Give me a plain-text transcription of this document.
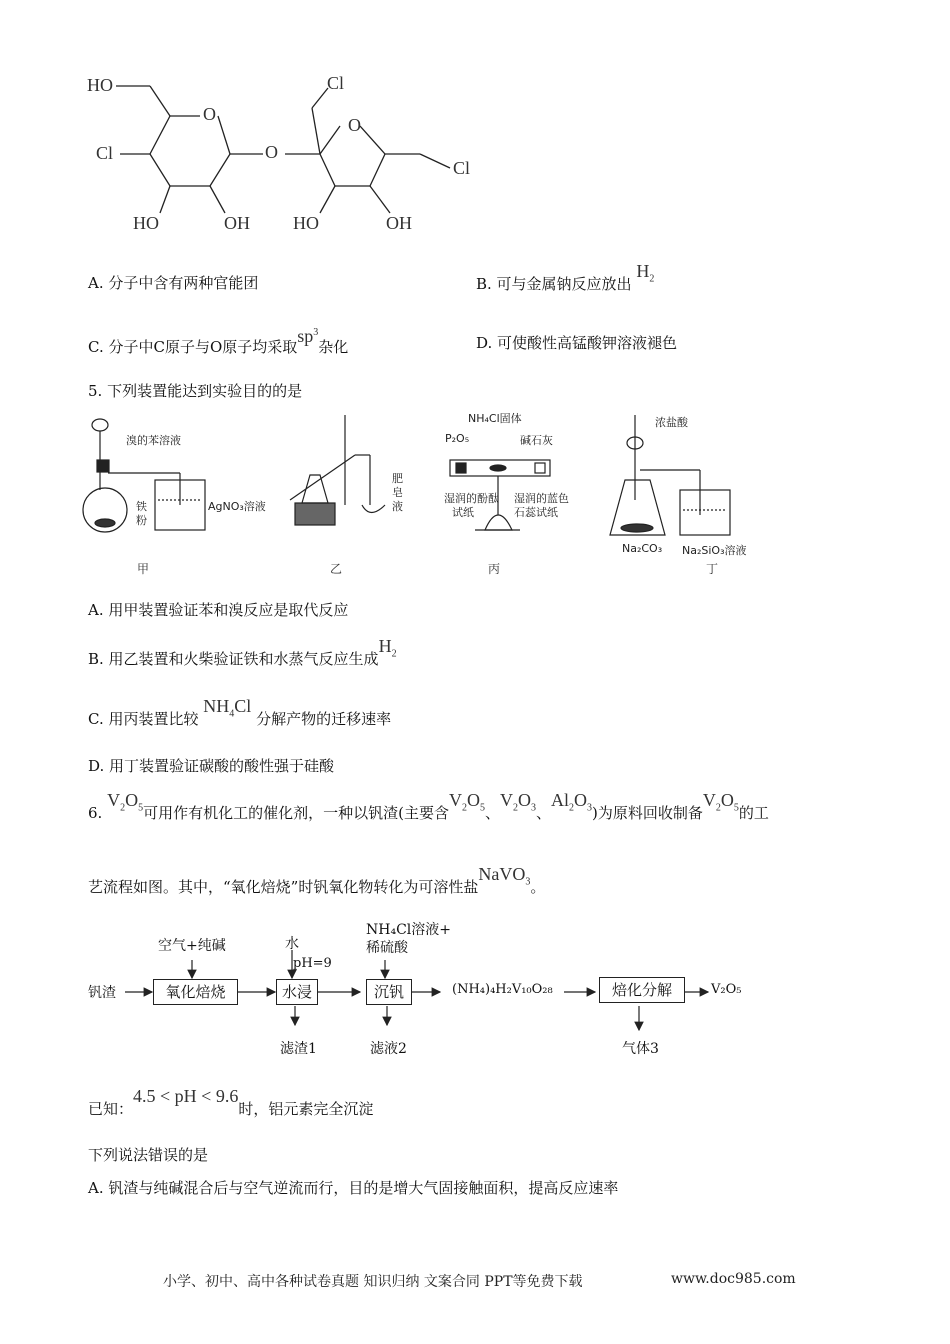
HO
O
Cl	O
Cl
O
Cl
HO	OH HO	OH
A. 分子中含有两种官能团	B. 可与金属钠反应放出 $H_2$
C. 分子中C原子与O原子均采取$sp^3$杂化	D. 可使酸性高锰酸钾溶液褪色
5. 下列装置能达到实验目的的是
溴的苯溶液
铁
粉
AgNO₃溶液
肥
皂
液
NH₄Cl固体
P₂O₅	碱石灰
湿润的酚酞
试纸
湿润的蓝色
石蕊试纸
浓盐酸
Na₂CO₃ Na₂SiO₃溶液
甲	乙	丙	丁
A. 用甲装置验证苯和溴反应是取代反应
B. 用乙装置和火柴验证铁和水蒸气反应生成$H_2$
C. 用丙装置比较 $NH_4Cl$ 分解产物的迁移速率
D. 用丁装置验证碳酸的酸性强于硅酸
6. $V_2O_5$可用作有机化工的催化剂，一种以钒渣(主要含$V_2O_5$、$V_2O_3$、$Al_2O_3$)为原料回收制备$V_2O_5$的工
艺流程如图。其中，“氧化焙烧”时钒氧化物转化为可溶性盐NaVO$_3$。
钒渣	氧化焙烧
空气+纯碱
水浸
水
pH=9
滤渣1
沉钒
NH₄Cl溶液+
稀硫酸
滤液2
(NH₄)₄H₂V₁₀O₂₈	焙化分解
气体3
V₂O₅
已知：4.5 < pH < 9.6时，铝元素完全沉淀
下列说法错误的是
A. 钒渣与纯碱混合后与空气逆流而行，目的是增大气固接触面积，提高反应速率
小学、初中、高中各种试卷真题 知识归纳 文案合同 PPT等免费下载	www.doc985.com
